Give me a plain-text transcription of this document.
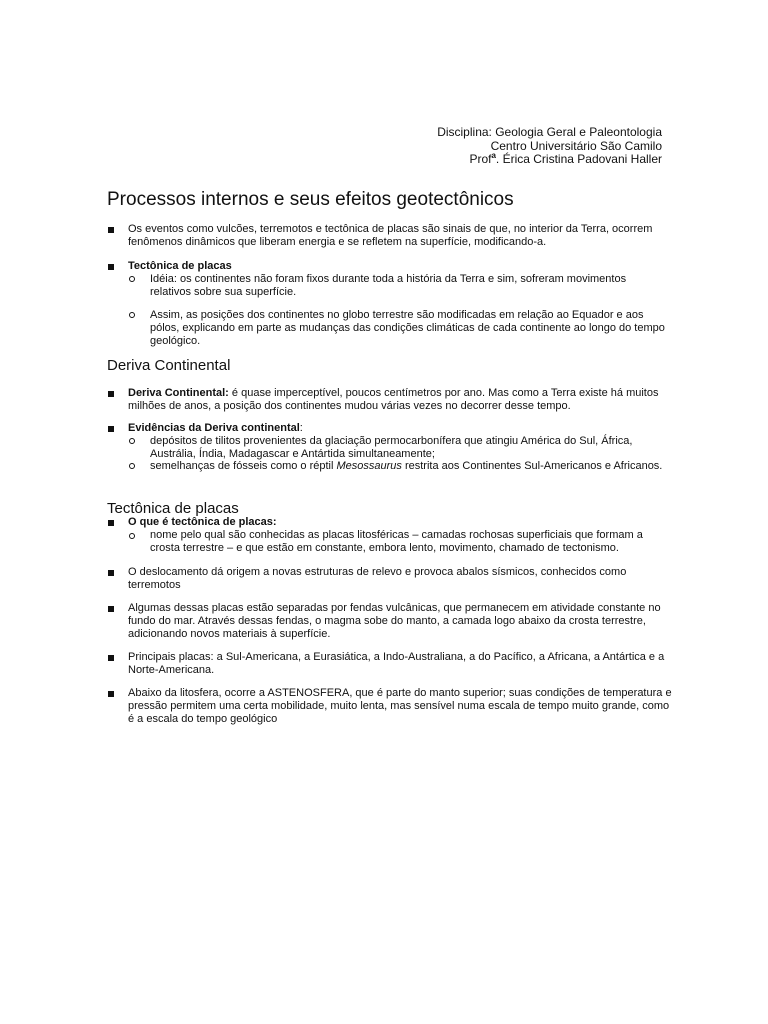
Disciplina: Geologia Geral e Paleontologia
Centro Universitário São Camilo
Prof$^a$. Érica Cristina Padovani Haller
Processos internos e seus efeitos geotectônicos
Os eventos como vulcões, terremotos e tectônica de placas são sinais de que, no interior da Terra, ocorrem fenômenos dinâmicos que liberam energia e se refletem na superfície, modificando-a.
Tectônica de placas
Idéia: os continentes não foram fixos durante toda a história da Terra e sim, sofreram movimentos relativos sobre sua superfície.
Assim, as posições dos continentes no globo terrestre são modificadas em relação ao Equador e aos pólos, explicando em parte as mudanças das condições climáticas de cada continente ao longo do tempo geológico.
Deriva Continental
Deriva Continental: é quase imperceptível, poucos centímetros por ano. Mas como a Terra existe há muitos milhões de anos, a posição dos continentes mudou várias vezes no decorrer desse tempo.
Evidências da Deriva continental:
depósitos de tilitos provenientes da glaciação permocarbonífera que atingiu América do Sul, África, Austrália, Índia, Madagascar e Antártida simultaneamente;
semelhanças de fósseis como o réptil Mesossaurus restrita aos Continentes Sul-Americanos e Africanos.
Tectônica de placas
O que é tectônica de placas:
nome pelo qual são conhecidas as placas litosféricas – camadas rochosas superficiais que formam a crosta terrestre – e que estão em constante, embora lento, movimento, chamado de tectonismo.
O deslocamento dá origem a novas estruturas de relevo e provoca abalos sísmicos, conhecidos como terremotos
Algumas dessas placas estão separadas por fendas vulcânicas, que permanecem em atividade constante no fundo do mar. Através dessas fendas, o magma sobe do manto, a camada logo abaixo da crosta terrestre, adicionando novos materiais à superfície.
Principais placas: a Sul-Americana, a Eurasiática, a Indo-Australiana, a do Pacífico, a Africana, a Antártica e a Norte-Americana.
Abaixo da litosfera, ocorre a ASTENOSFERA, que é parte do manto superior; suas condições de temperatura e pressão permitem uma certa mobilidade, muito lenta, mas sensível numa escala de tempo muito grande, como é a escala do tempo geológico
